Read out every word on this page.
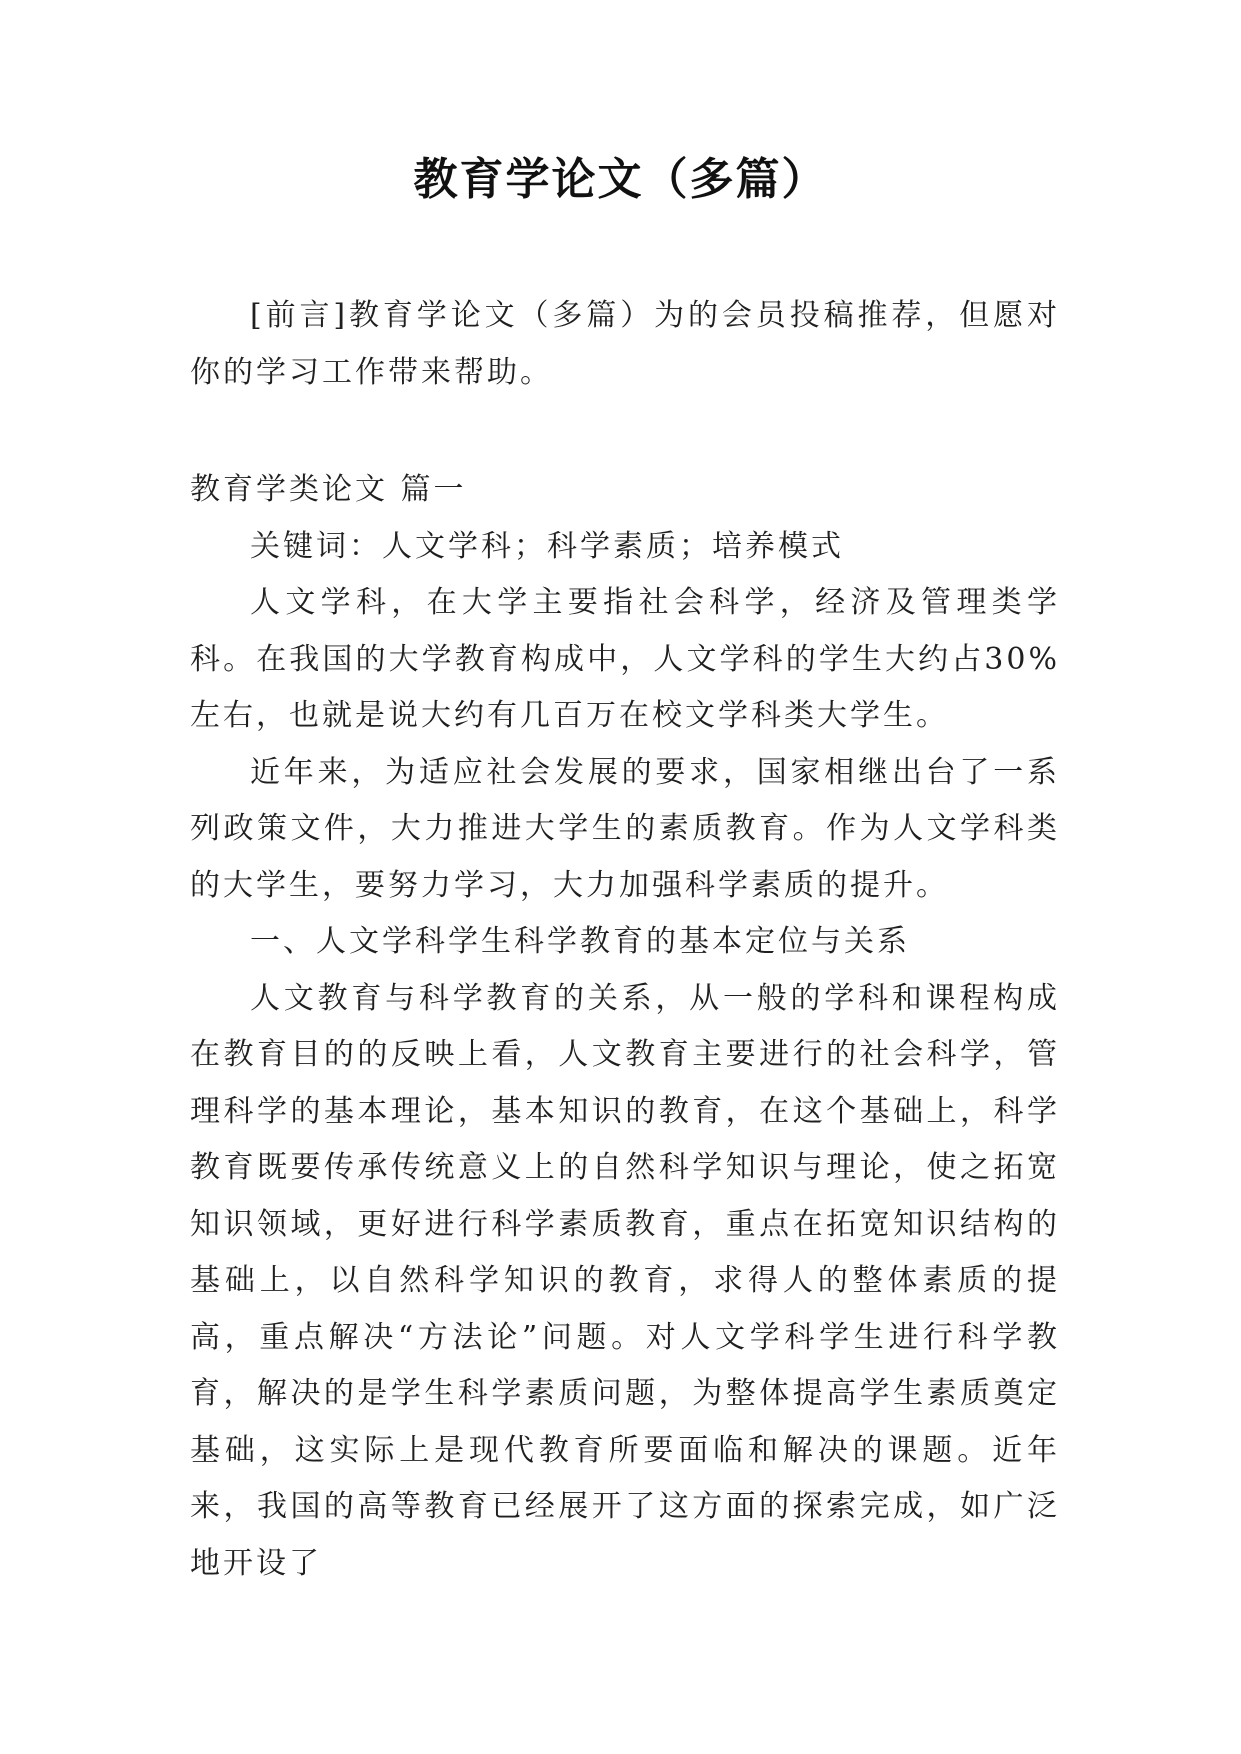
教育学论文（多篇）

[前言]教育学论文（多篇）为的会员投稿推荐，但愿对你的学习工作带来帮助。

教育学类论文 篇一

关键词：人文学科；科学素质；培养模式

人文学科，在大学主要指社会科学，经济及管理类学科。在我国的大学教育构成中，人文学科的学生大约占30%左右，也就是说大约有几百万在校文学科类大学生。

近年来，为适应社会发展的要求，国家相继出台了一系列政策文件，大力推进大学生的素质教育。作为人文学科类的大学生，要努力学习，大力加强科学素质的提升。

一、人文学科学生科学教育的基本定位与关系

人文教育与科学教育的关系，从一般的学科和课程构成在教育目的的反映上看，人文教育主要进行的社会科学，管理科学的基本理论，基本知识的教育，在这个基础上，科学教育既要传承传统意义上的自然科学知识与理论，使之拓宽知识领域，更好进行科学素质教育，重点在拓宽知识结构的基础上，以自然科学知识的教育，求得人的整体素质的提高，重点解决“方法论”问题。对人文学科学生进行科学教育，解决的是学生科学素质问题，为整体提高学生素质奠定基础，这实际上是现代教育所要面临和解决的课题。近年来，我国的高等教育已经展开了这方面的探索完成，如广泛地开设了
